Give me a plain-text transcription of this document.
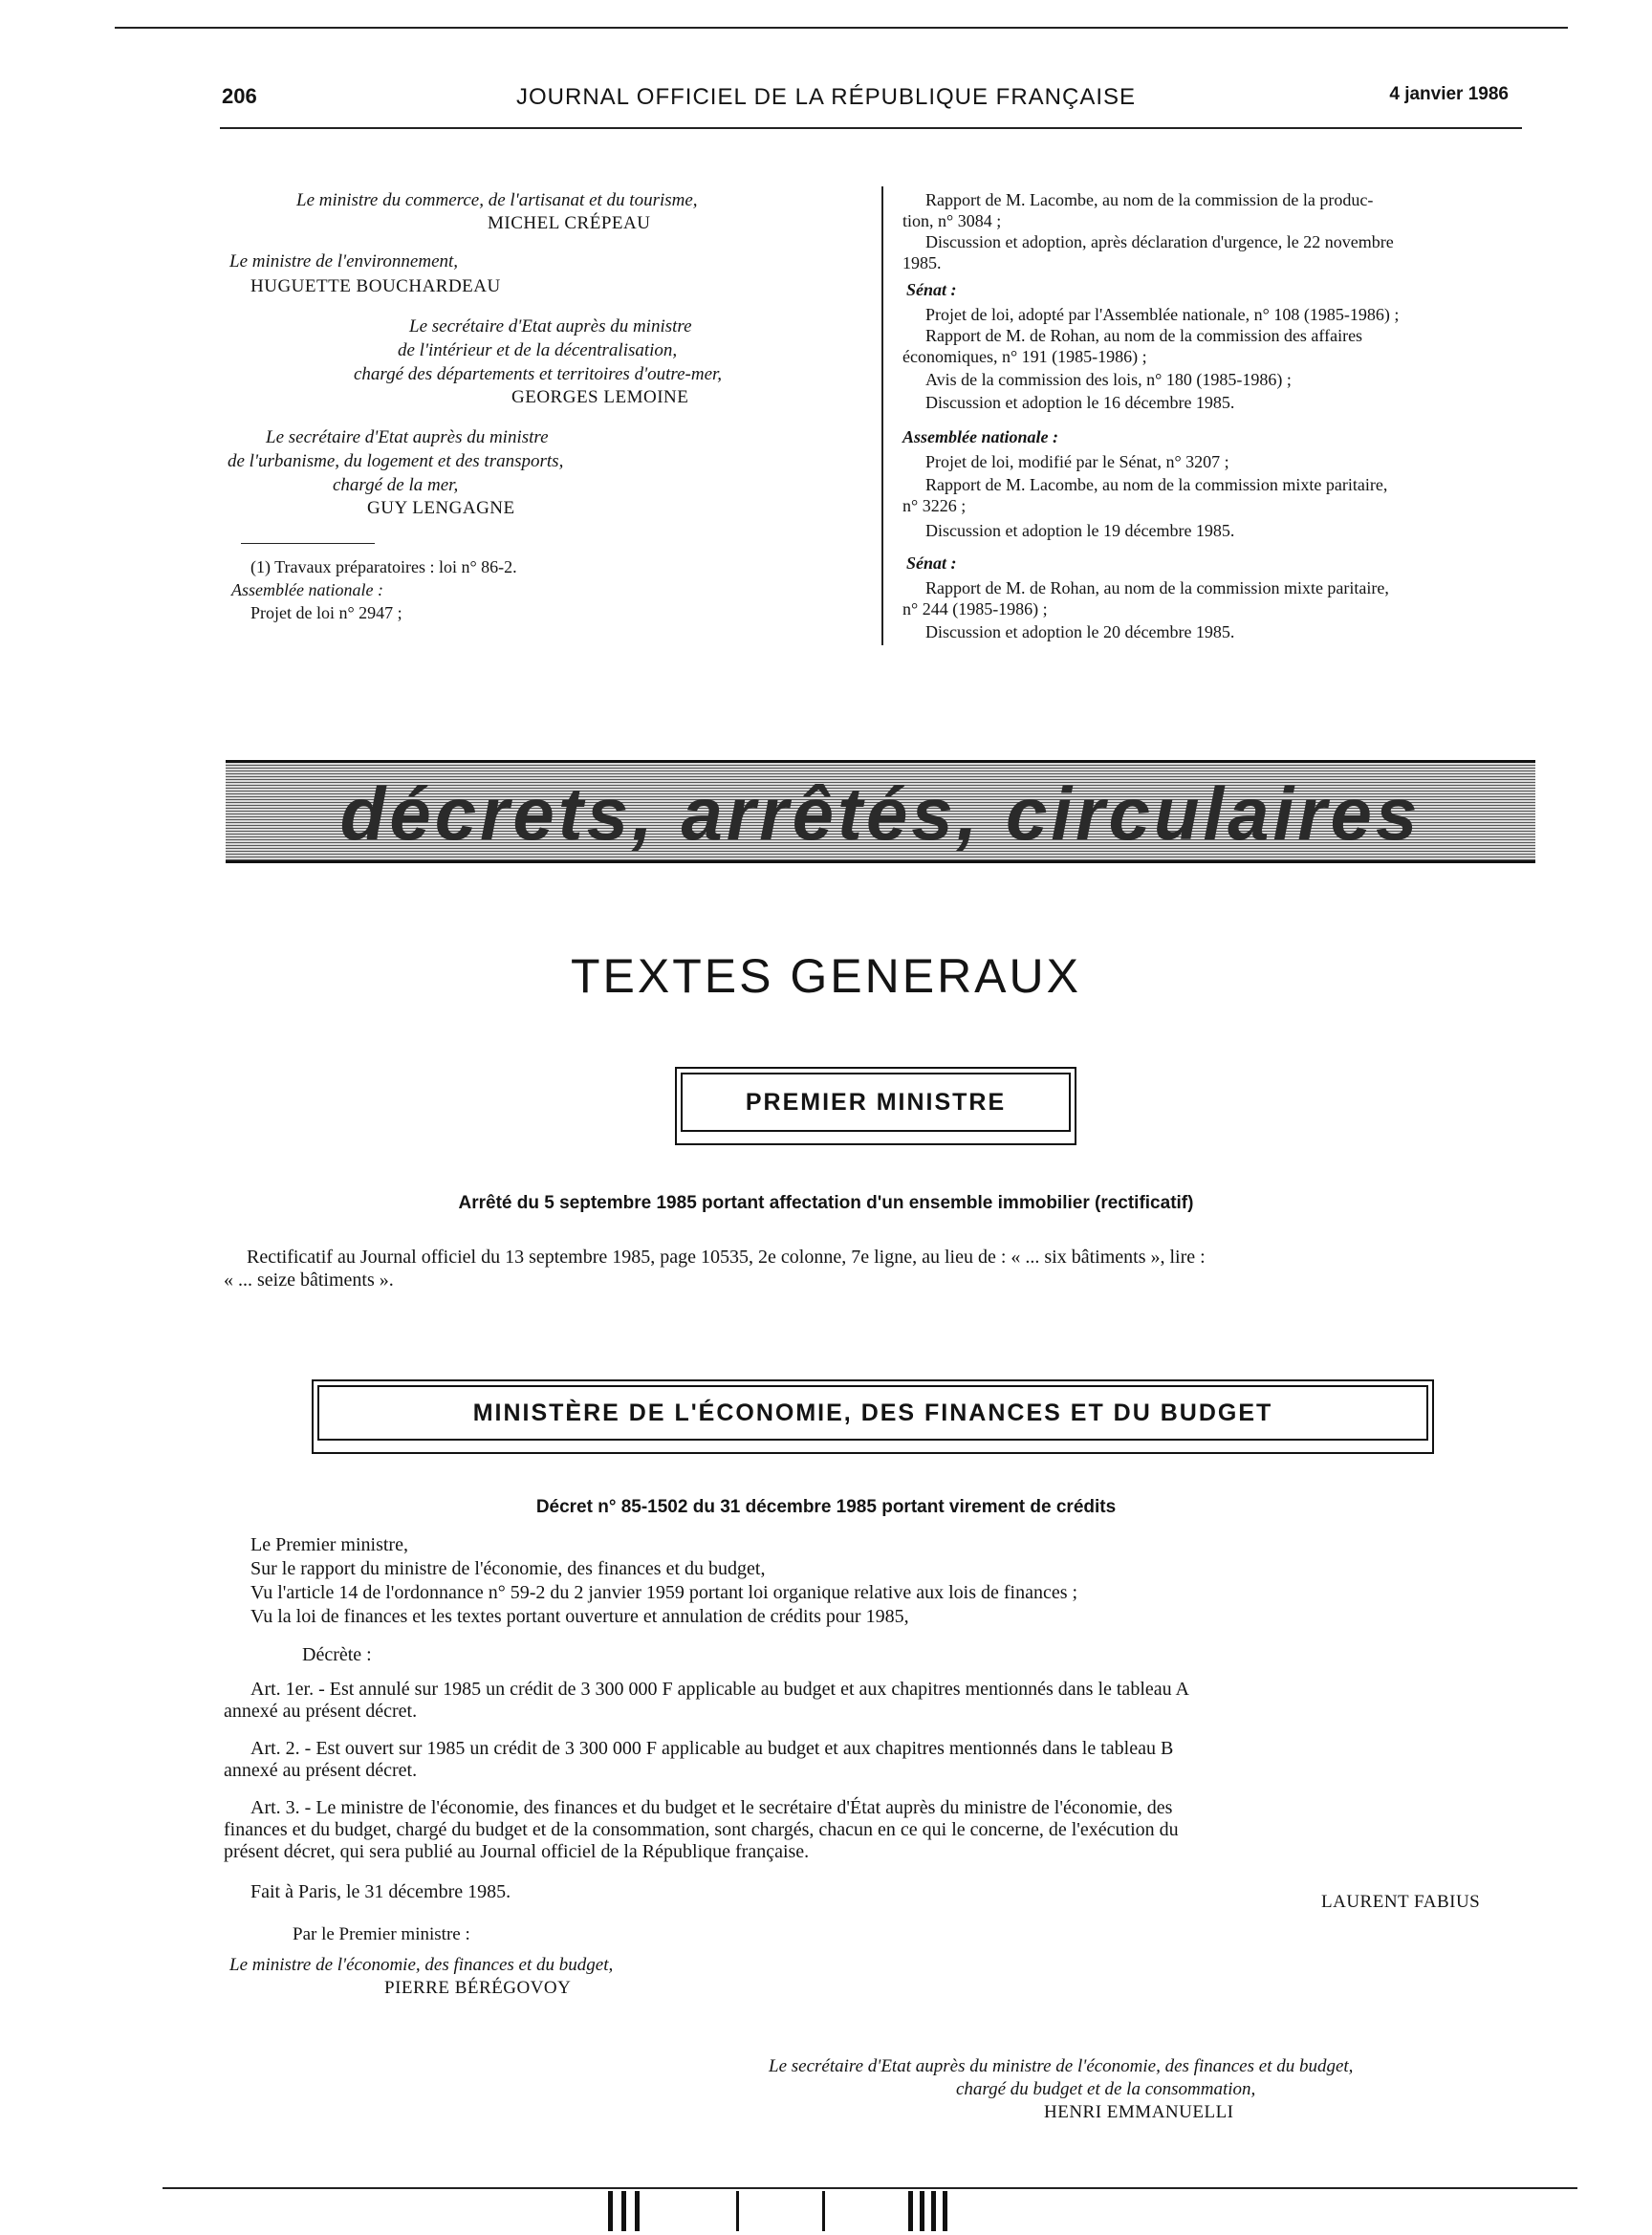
206	JOURNAL OFFICIEL DE LA RÉPUBLIQUE FRANÇAISE	4 janvier 1986
Le ministre du commerce, de l'artisanat et du tourisme,
MICHEL CRÉPEAU
Le ministre de l'environnement,
HUGUETTE BOUCHARDEAU
Le secrétaire d'Etat auprès du ministre
de l'intérieur et de la décentralisation,
chargé des départements et territoires d'outre-mer,
GEORGES LEMOINE
Le secrétaire d'Etat auprès du ministre
de l'urbanisme, du logement et des transports,
chargé de la mer,
GUY LENGAGNE
(1) Travaux préparatoires : loi n° 86-2.
Assemblée nationale :
Projet de loi n° 2947 ;
Rapport de M. Lacombe, au nom de la commission de la produc-
tion, n° 3084 ;
Discussion et adoption, après déclaration d'urgence, le 22 novembre
1985.
Sénat :
Projet de loi, adopté par l'Assemblée nationale, n° 108 (1985-1986) ;
Rapport de M. de Rohan, au nom de la commission des affaires
économiques, n° 191 (1985-1986) ;
Avis de la commission des lois, n° 180 (1985-1986) ;
Discussion et adoption le 16 décembre 1985.
Assemblée nationale :
Projet de loi, modifié par le Sénat, n° 3207 ;
Rapport de M. Lacombe, au nom de la commission mixte paritaire,
n° 3226 ;
Discussion et adoption le 19 décembre 1985.
Sénat :
Rapport de M. de Rohan, au nom de la commission mixte paritaire,
n° 244 (1985-1986) ;
Discussion et adoption le 20 décembre 1985.
décrets, arrêtés, circulaires
TEXTES GENERAUX
PREMIER MINISTRE
Arrêté du 5 septembre 1985 portant affectation d'un ensemble immobilier (rectificatif)
Rectificatif au Journal officiel du 13 septembre 1985, page 10535, 2e colonne, 7e ligne, au lieu de : « ... six bâtiments », lire :
« ... seize bâtiments ».
MINISTÈRE DE L'ÉCONOMIE, DES FINANCES ET DU BUDGET
Décret n° 85-1502 du 31 décembre 1985 portant virement de crédits
Le Premier ministre,
Sur le rapport du ministre de l'économie, des finances et du budget,
Vu l'article 14 de l'ordonnance n° 59-2 du 2 janvier 1959 portant loi organique relative aux lois de finances ;
Vu la loi de finances et les textes portant ouverture et annulation de crédits pour 1985,
Décrète :
Art. 1er. - Est annulé sur 1985 un crédit de 3 300 000 F applicable au budget et aux chapitres mentionnés dans le tableau A
annexé au présent décret.
Art. 2. - Est ouvert sur 1985 un crédit de 3 300 000 F applicable au budget et aux chapitres mentionnés dans le tableau B
annexé au présent décret.
Art. 3. - Le ministre de l'économie, des finances et du budget et le secrétaire d'État auprès du ministre de l'économie, des
finances et du budget, chargé du budget et de la consommation, sont chargés, chacun en ce qui le concerne, de l'exécution du
présent décret, qui sera publié au Journal officiel de la République française.
Fait à Paris, le 31 décembre 1985.	LAURENT FABIUS
Par le Premier ministre :
Le ministre de l'économie, des finances et du budget,
PIERRE BÉRÉGOVOY
Le secrétaire d'Etat auprès du ministre de l'économie, des finances et du budget,
chargé du budget et de la consommation,
HENRI EMMANUELLI
